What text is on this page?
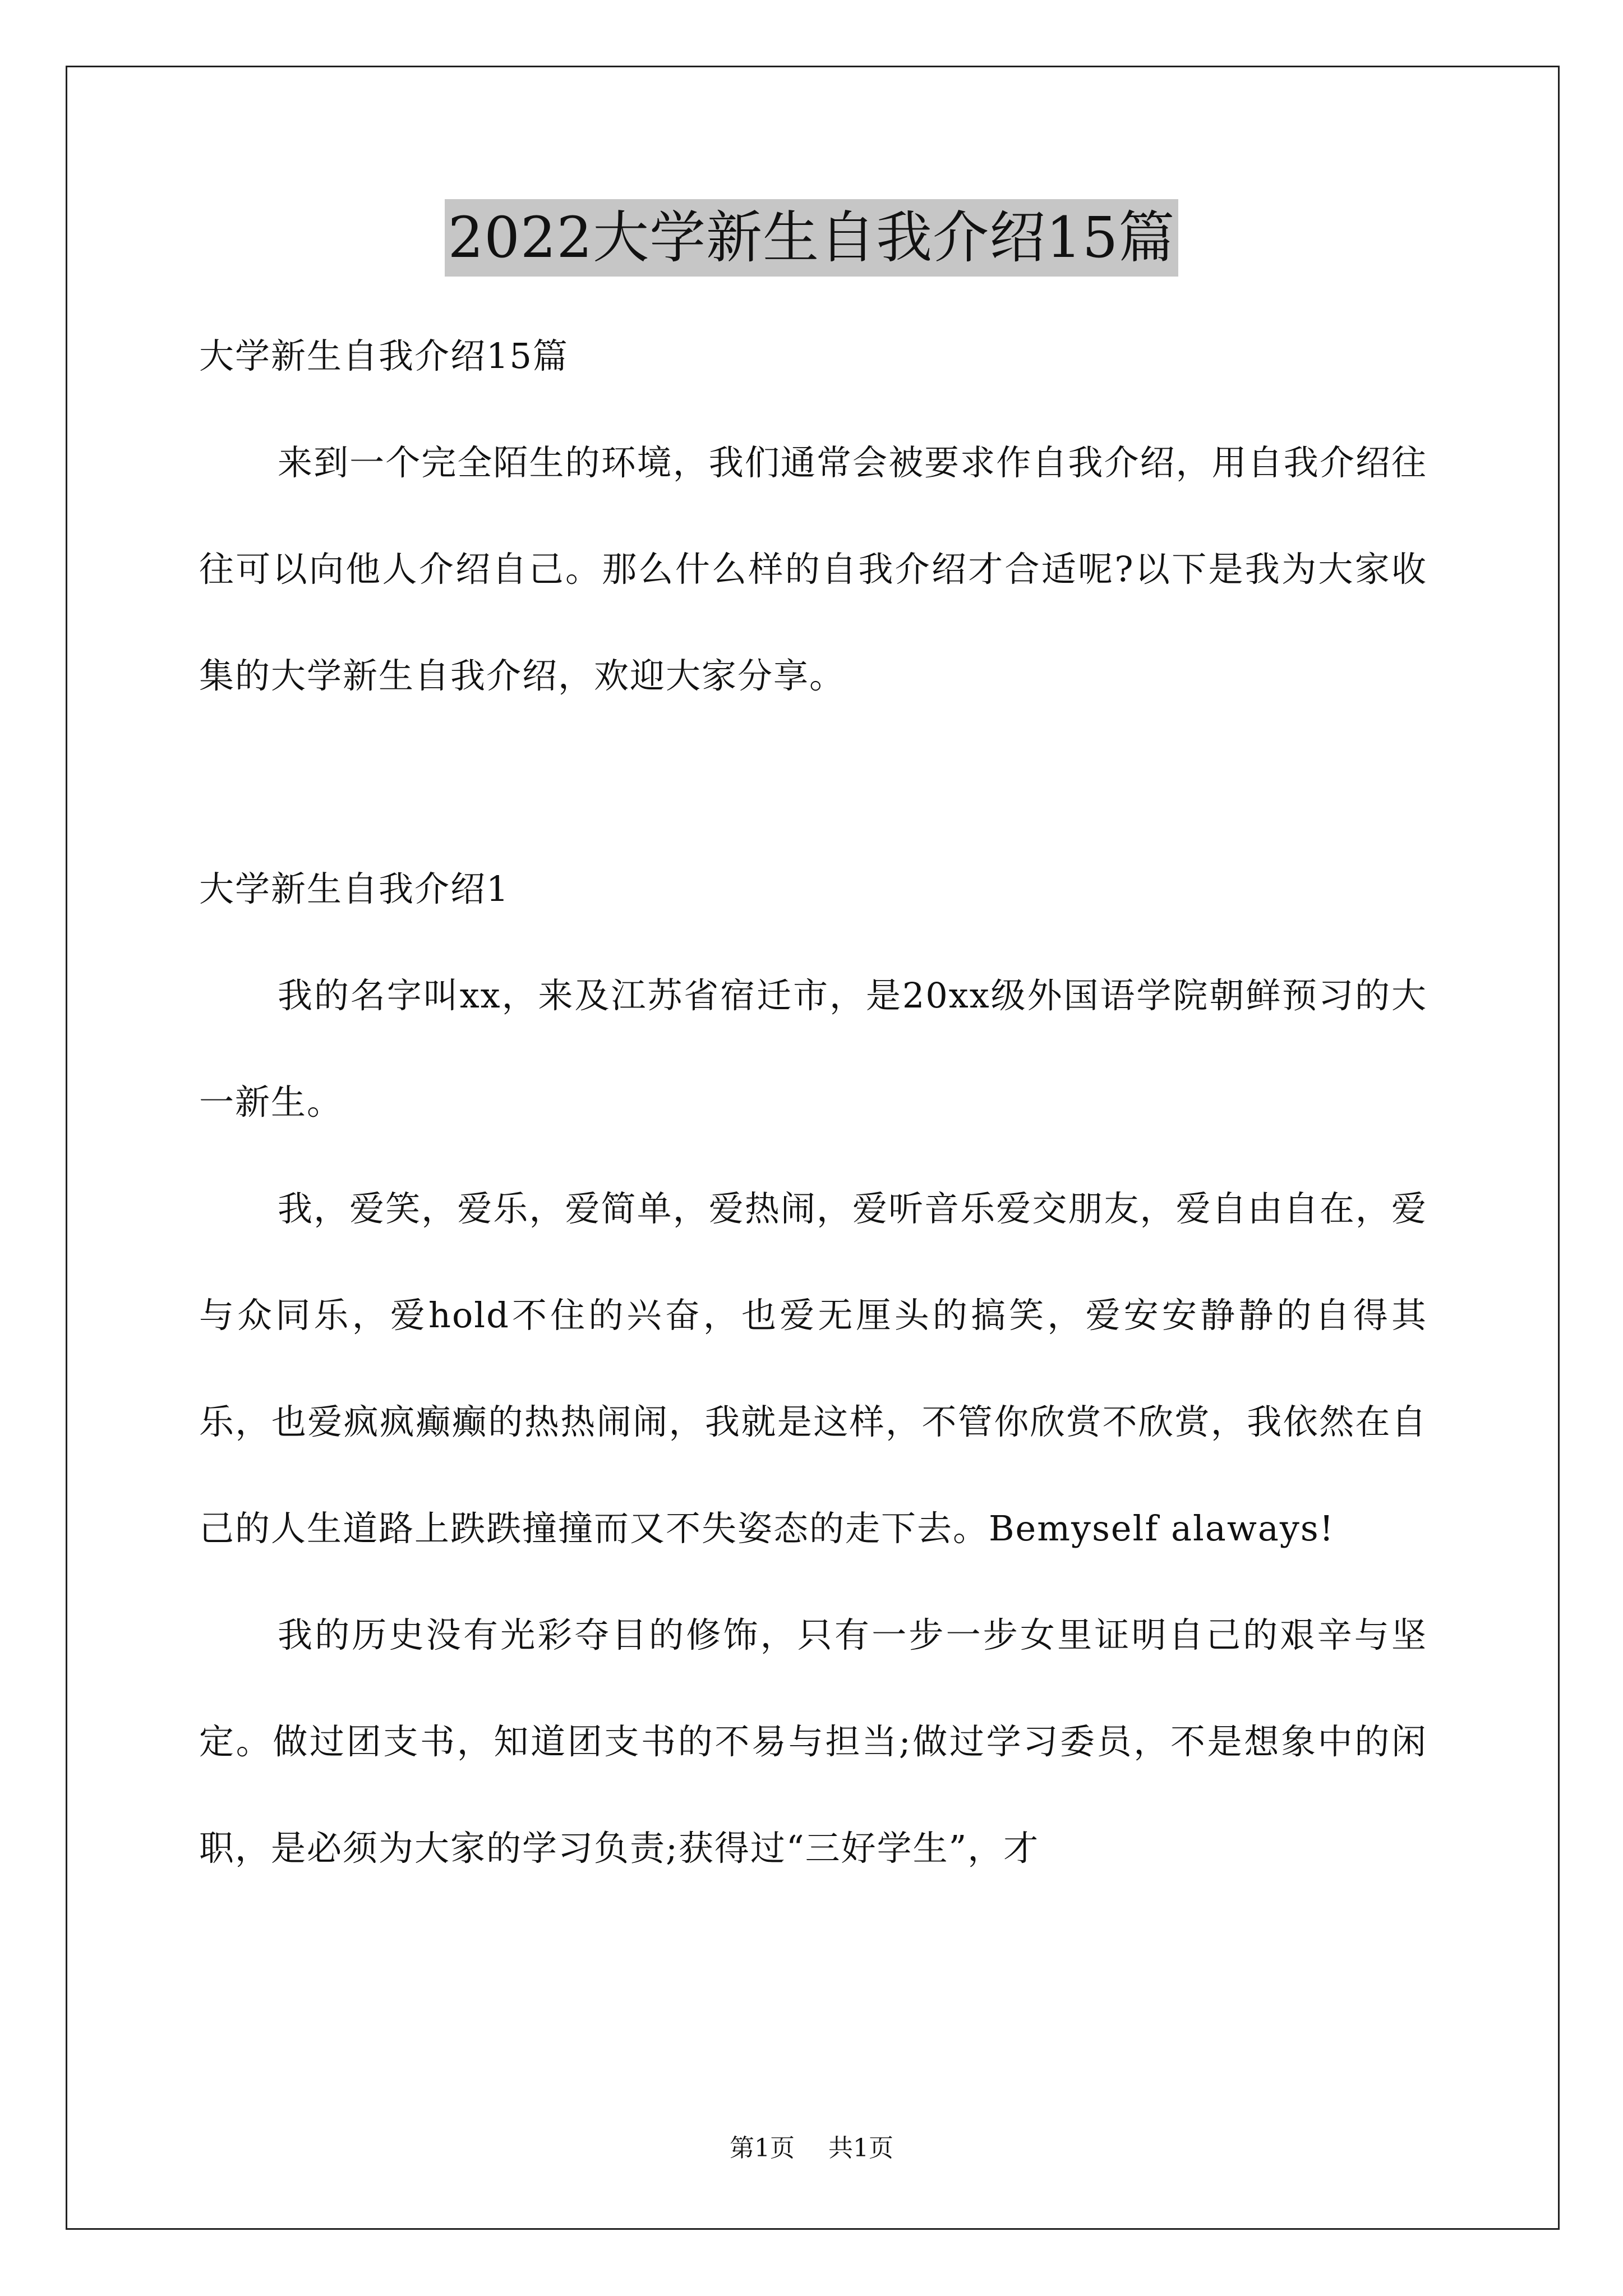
2022大学新生自我介绍15篇

大学新生自我介绍15篇

来到一个完全陌生的环境，我们通常会被要求作自我介绍，用自我介绍往往可以向他人介绍自己。那么什么样的自我介绍才合适呢?以下是我为大家收集的大学新生自我介绍，欢迎大家分享。

大学新生自我介绍1

我的名字叫xx，来及江苏省宿迁市，是20xx级外国语学院朝鲜预习的大一新生。

我，爱笑，爱乐，爱简单，爱热闹，爱听音乐爱交朋友，爱自由自在，爱与众同乐，爱hold不住的兴奋，也爱无厘头的搞笑，爱安安静静的自得其乐，也爱疯疯癫癫的热热闹闹，我就是这样，不管你欣赏不欣赏，我依然在自己的人生道路上跌跌撞撞而又不失姿态的走下去。Bemyself alaways!

我的历史没有光彩夺目的修饰，只有一步一步女里证明自己的艰辛与坚定。做过团支书，知道团支书的不易与担当;做过学习委员，不是想象中的闲职，是必须为大家的学习负责;获得过“三好学生”，才

第1页 共1页
